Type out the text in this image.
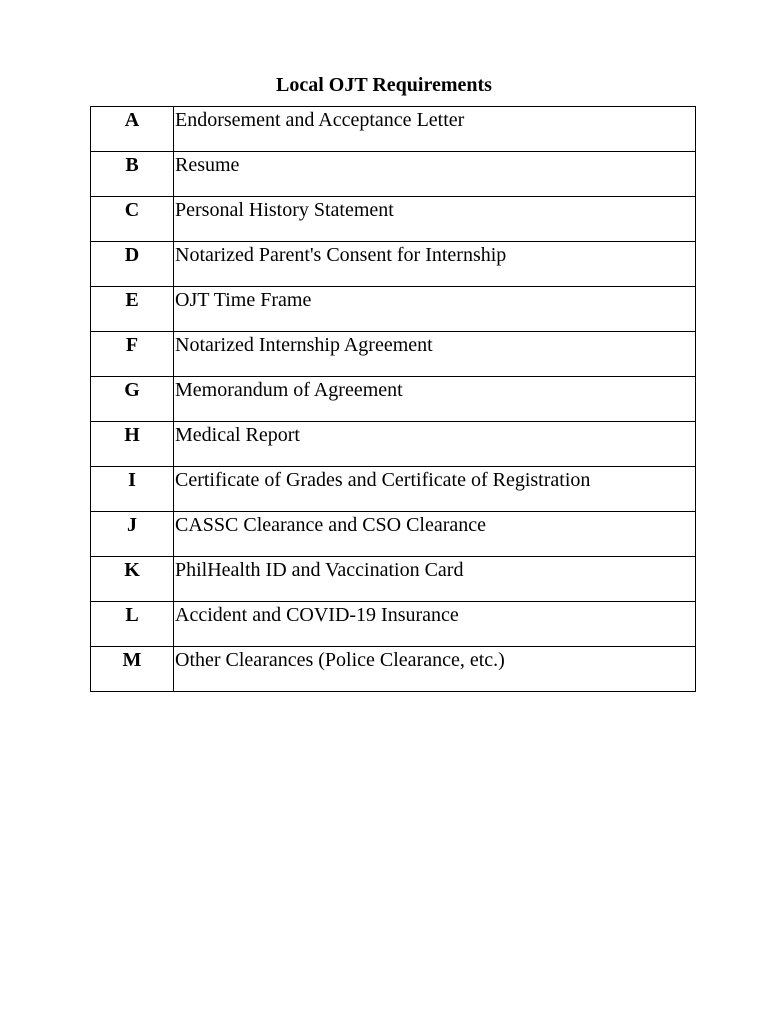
Local OJT Requirements
A	Endorsement and Acceptance Letter
B	Resume
C	Personal History Statement
D	Notarized Parent's Consent for Internship
E	OJT Time Frame
F	Notarized Internship Agreement
G	Memorandum of Agreement
H	Medical Report
I	Certificate of Grades and Certificate of Registration
J	CASSC Clearance and CSO Clearance
K	PhilHealth ID and Vaccination Card
L	Accident and COVID-19 Insurance
M	Other Clearances (Police Clearance, etc.)
